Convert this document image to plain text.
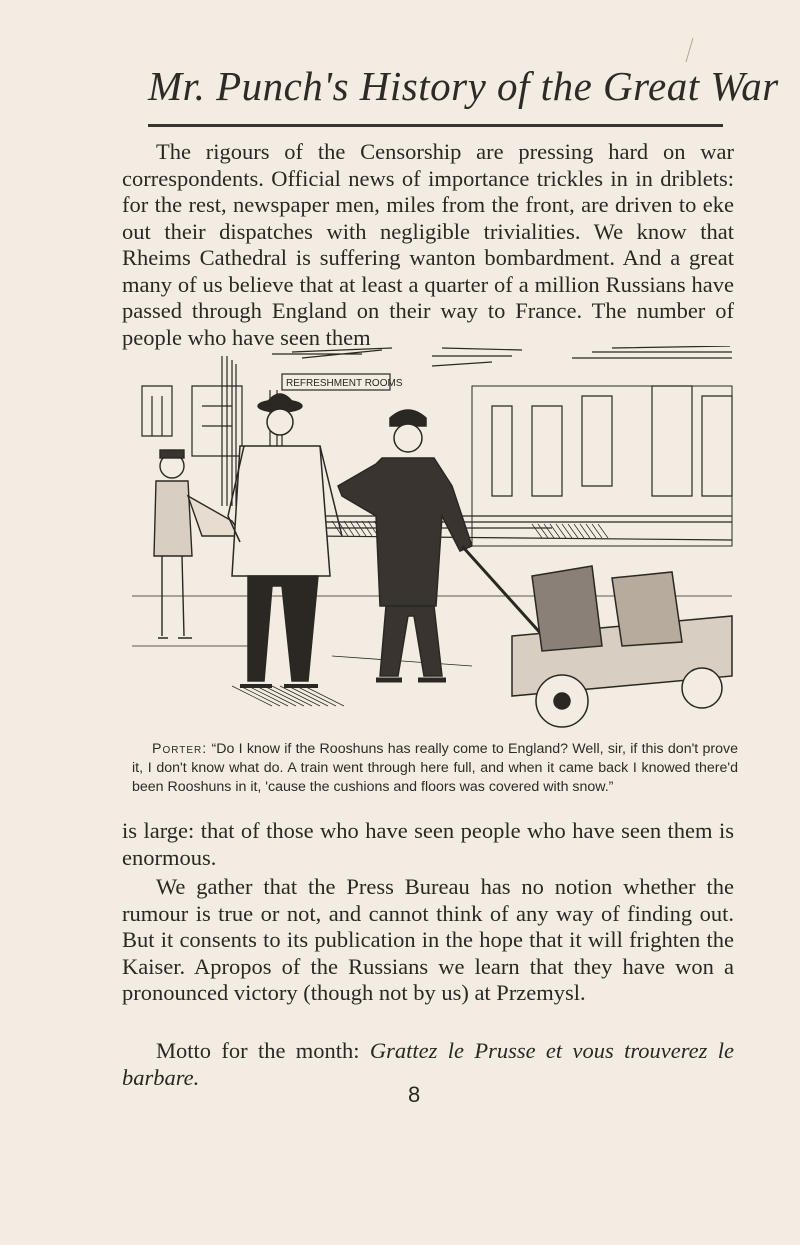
Mr. Punch's History of the Great War

The rigours of the Censorship are pressing hard on war correspondents. Official news of importance trickles in in driblets: for the rest, newspaper men, miles from the front, are driven to eke out their dispatches with negligible trivialities. We know that Rheims Cathedral is suffering wanton bombardment. And a great many of us believe that at least a quarter of a million Russians have passed through England on their way to France. The number of people who have seen them

REFRESHMENT ROOMS

Porter: “Do I know if the Rooshuns has really come to England? Well, sir, if this don't prove it, I don't know what do. A train went through here full, and when it came back I knowed there'd been Rooshuns in it, 'cause the cushions and floors was covered with snow.”

is large: that of those who have seen people who have seen them is enormous.

We gather that the Press Bureau has no notion whether the rumour is true or not, and cannot think of any way of finding out. But it consents to its publication in the hope that it will frighten the Kaiser. Apropos of the Russians we learn that they have won a pronounced victory (though not by us) at Przemysl.

Motto for the month: Grattez le Prusse et vous trouverez le barbare.

8
